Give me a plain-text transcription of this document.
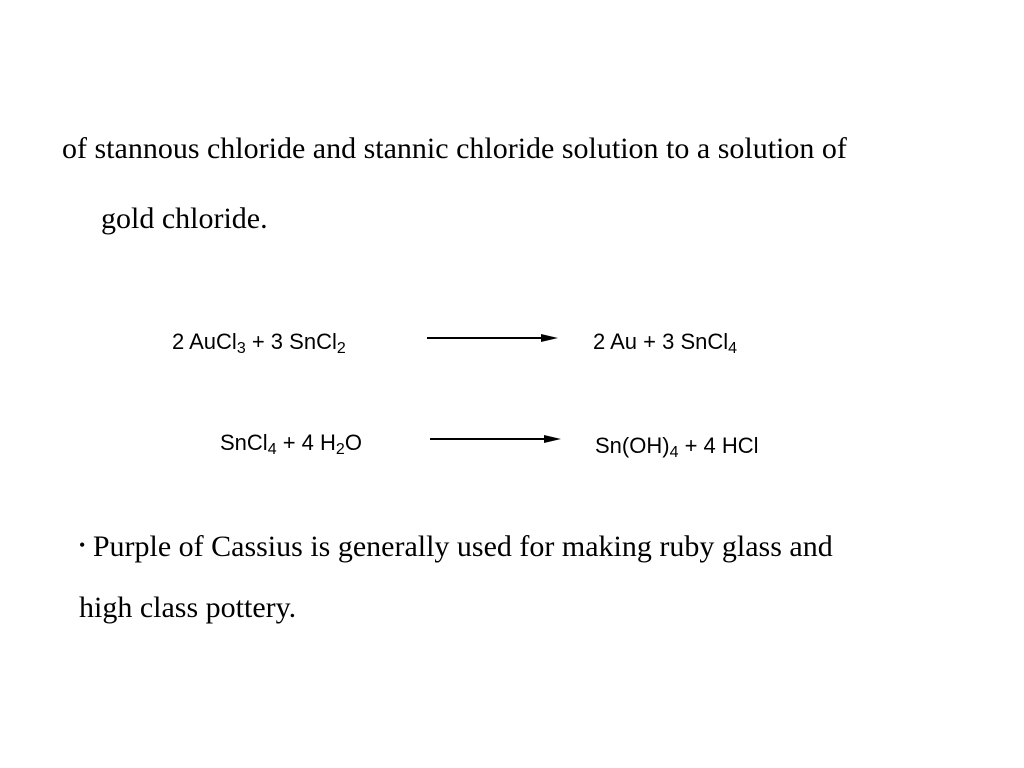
of stannous chloride and stannic chloride solution to a solution of
gold chloride.
2 AuCl$_3$ + 3 SnCl$_2$	2 Au + 3 SnCl$_4$
SnCl$_4$ + 4 $H_2O$	$Sn(OH)_4 + 4$ HCl
• Purple of Cassius is generally used for making ruby glass and
high class pottery.
